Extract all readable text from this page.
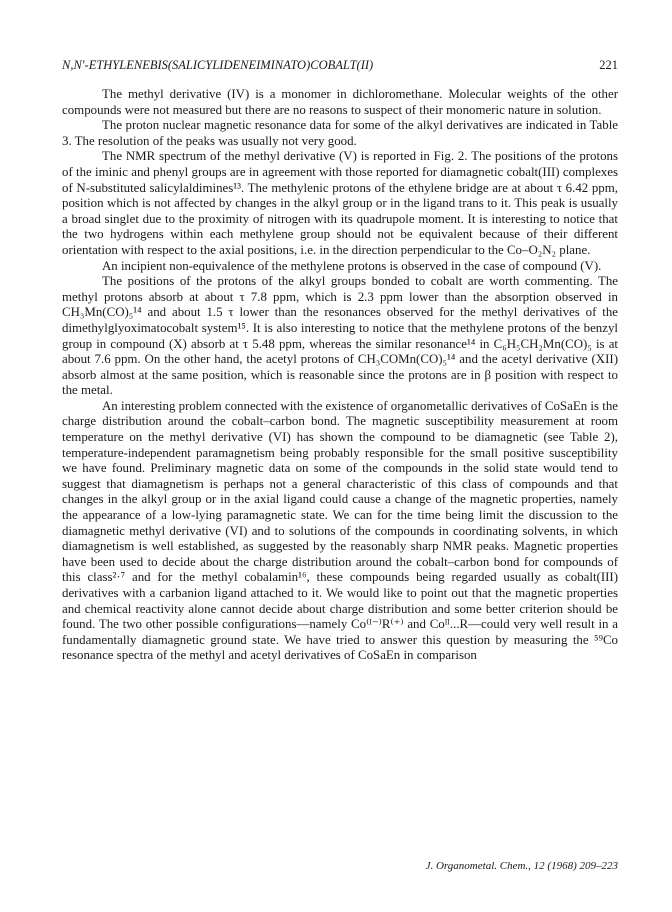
N,N′-ETHYLENEBIS(SALICYLIDENEIMINATO)COBALT(II)	221

The methyl derivative (IV) is a monomer in dichloromethane. Molecular weights of the other compounds were not measured but there are no reasons to suspect of their monomeric nature in solution.

The proton nuclear magnetic resonance data for some of the alkyl derivatives are indicated in Table 3. The resolution of the peaks was usually not very good.

The NMR spectrum of the methyl derivative (V) is reported in Fig. 2. The positions of the protons of the iminic and phenyl groups are in agreement with those reported for diamagnetic cobalt(III) complexes of N-substituted salicylaldimines¹³. The methylenic protons of the ethylene bridge are at about τ 6.42 ppm, position which is not affected by changes in the alkyl group or in the ligand trans to it. This peak is usually a broad singlet due to the proximity of nitrogen with its quadrupole moment. It is interesting to notice that the two hydrogens within each methylene group should not be equivalent because of their different orientation with respect to the axial positions, i.e. in the direction perpendicular to the Co–O₂N₂ plane.

An incipient non-equivalence of the methylene protons is observed in the case of compound (V).

The positions of the protons of the alkyl groups bonded to cobalt are worth commenting. The methyl protons absorb at about τ 7.8 ppm, which is 2.3 ppm lower than the absorption observed in CH₃Mn(CO)₅¹⁴ and about 1.5 τ lower than the resonances observed for the methyl derivatives of the dimethylglyoximatocobalt system¹⁵. It is also interesting to notice that the methylene protons of the benzyl group in compound (X) absorb at τ 5.48 ppm, whereas the similar resonance¹⁴ in C₆H₅CH₂Mn(CO)₅ is at about 7.6 ppm. On the other hand, the acetyl protons of CH₃COMn(CO)₅¹⁴ and the acetyl derivative (XII) absorb almost at the same position, which is reasonable since the protons are in β position with respect to the metal.

An interesting problem connected with the existence of organometallic derivatives of CoSaEn is the charge distribution around the cobalt–carbon bond. The magnetic susceptibility measurement at room temperature on the methyl derivative (VI) has shown the compound to be diamagnetic (see Table 2), temperature-independent paramagnetism being probably responsible for the small positive susceptibility we have found. Preliminary magnetic data on some of the compounds in the solid state would tend to suggest that diamagnetism is perhaps not a general characteristic of this class of compounds and that changes in the alkyl group or in the axial ligand could cause a change of the magnetic properties, namely the appearance of a low-lying paramagnetic state. We can for the time being limit the discussion to the diamagnetic methyl derivative (VI) and to solutions of the compounds in coordinating solvents, in which diamagnetism is well established, as suggested by the reasonably sharp NMR peaks. Magnetic properties have been used to decide about the charge distribution around the cobalt–carbon bond for compounds of this class²·⁷ and for the methyl cobalamin¹⁶, these compounds being regarded usually as cobalt(III) derivatives with a carbanion ligand attached to it. We would like to point out that the magnetic properties and chemical reactivity alone cannot decide about charge distribution and some better criterion should be found. The two other possible configurations—namely Co⁽ᴵ⁻⁾R⁽⁺⁾ and Coᴵᴵ...R—could very well result in a fundamentally diamagnetic ground state. We have tried to answer this question by measuring the ⁵⁹Co resonance spectra of the methyl and acetyl derivatives of CoSaEn in comparison

J. Organometal. Chem., 12 (1968) 209–223
